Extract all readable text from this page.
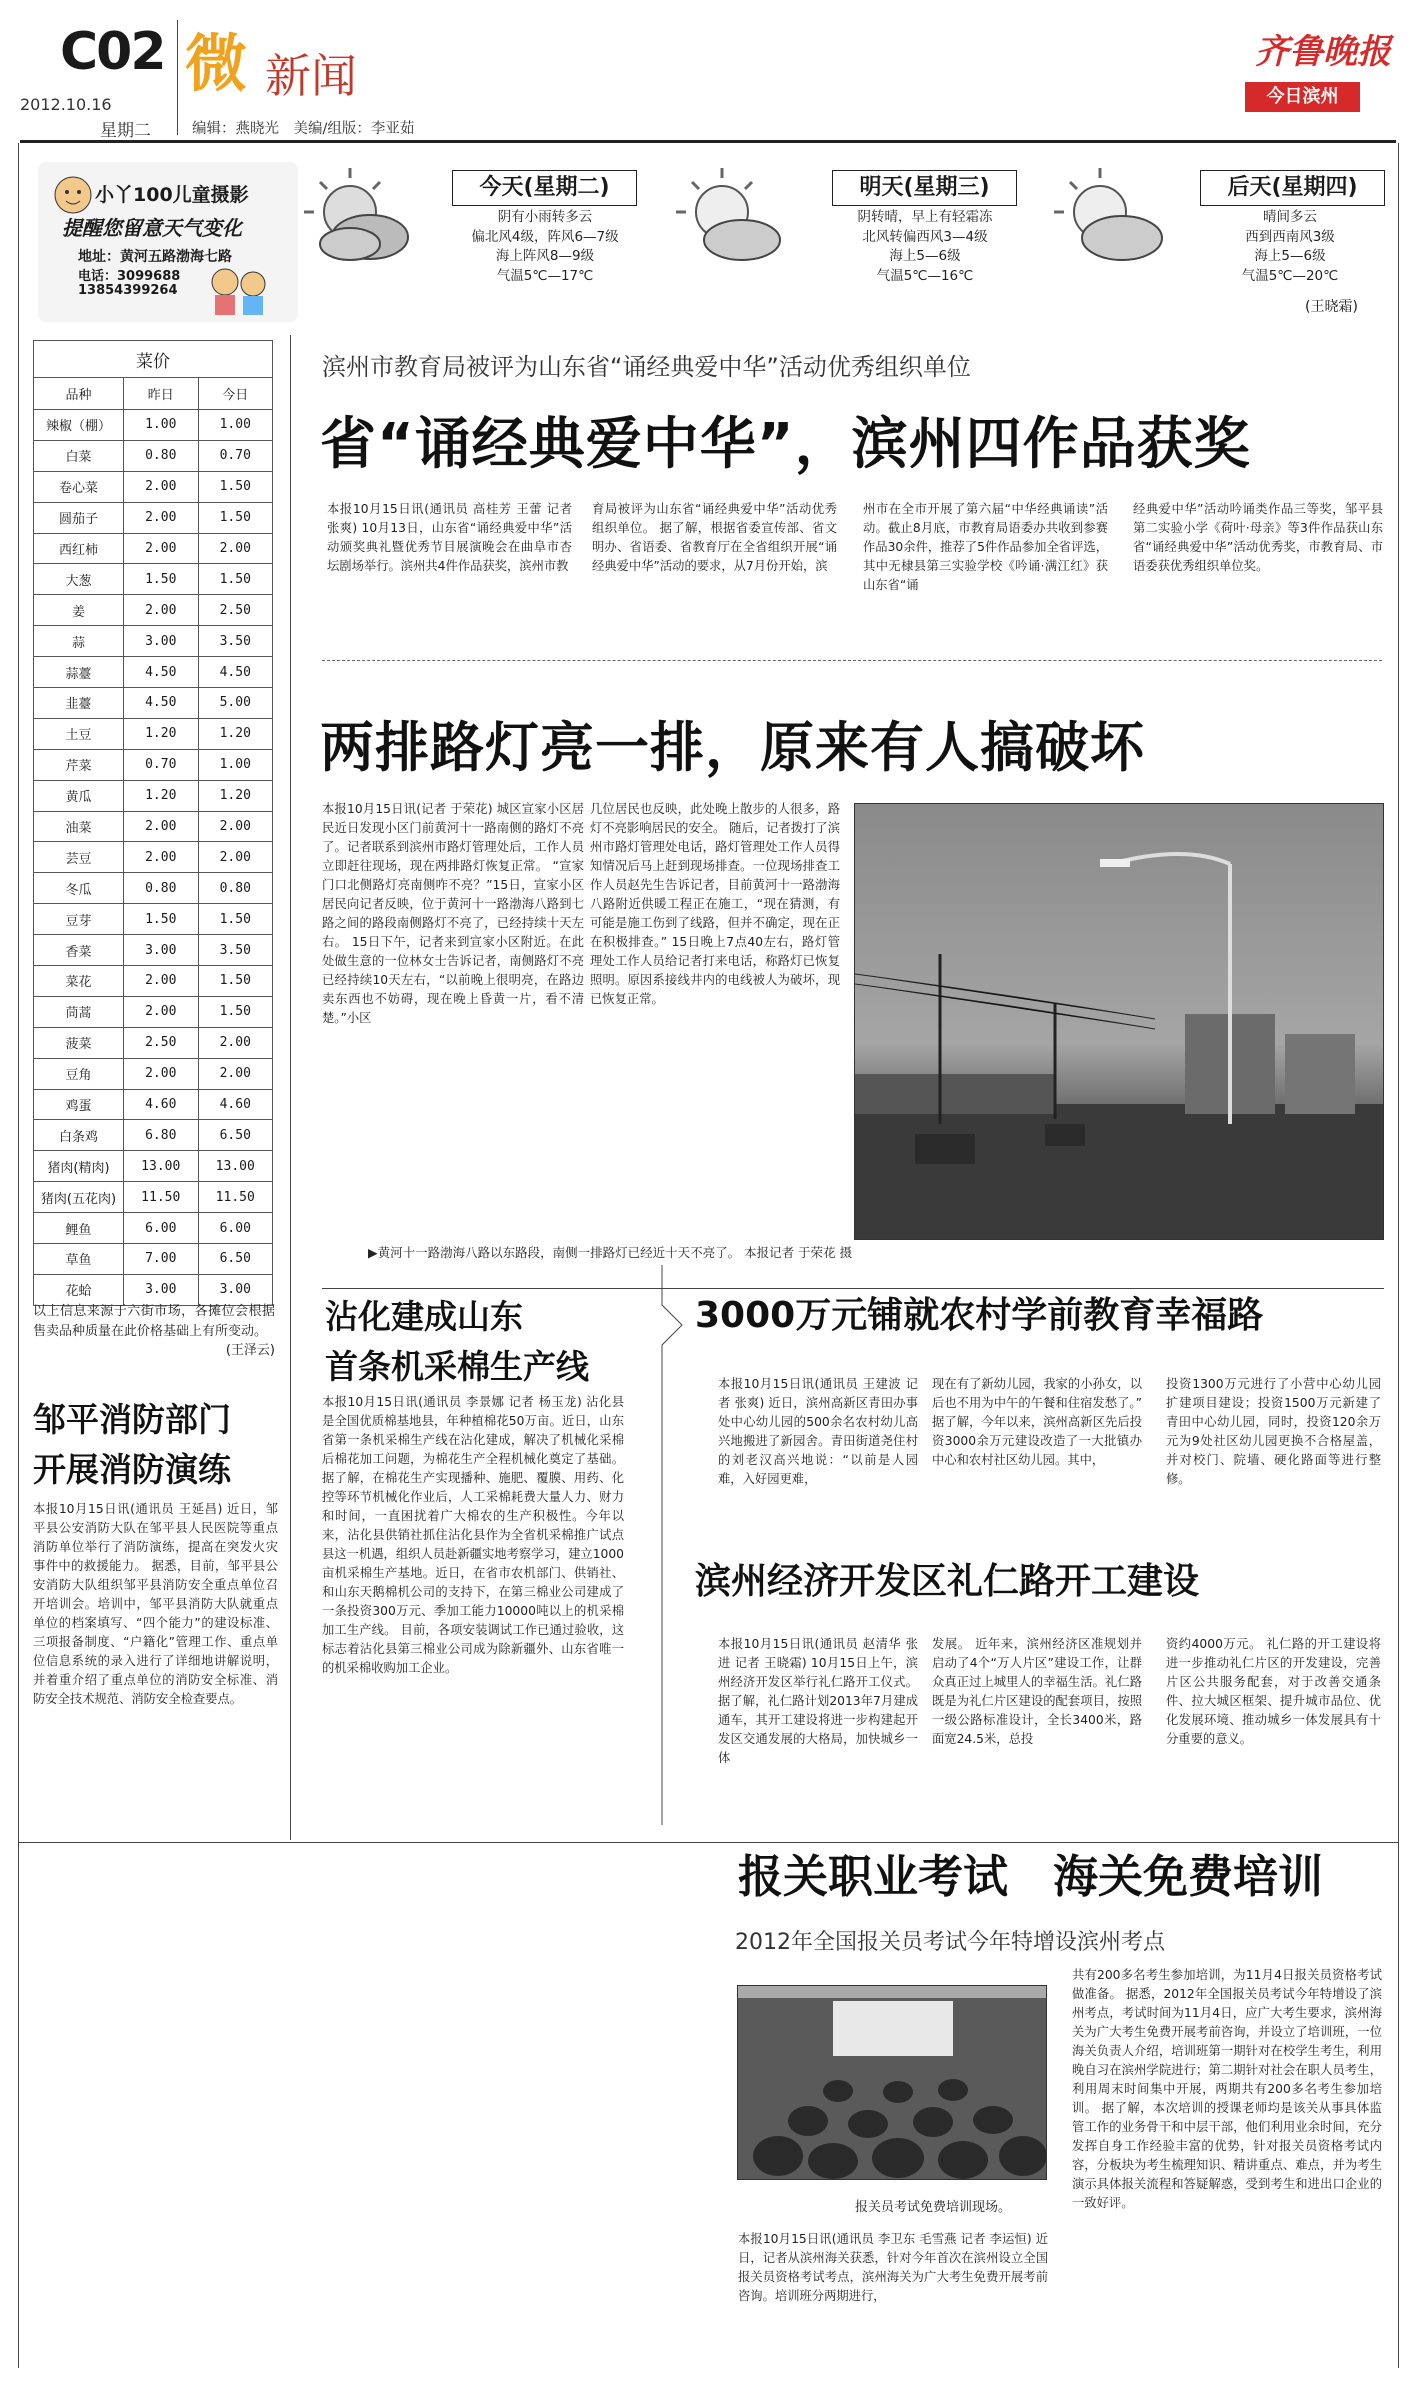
C02
2012.10.16
星期二
微 新闻
编辑：燕晓光　美编/组版：李亚茹
齐鲁晚报
今日滨州
小丫100儿童摄影
提醒您留意天气变化
地址：黄河五路渤海七路
电话：3099688
13854399264
今天(星期二)
阴有小雨转多云
偏北风4级，阵风6—7级
海上阵风8—9级
气温5℃—17℃
明天(星期三)
阴转晴，早上有轻霜冻
北风转偏西风3—4级
海上5—6级
气温5℃—16℃
后天(星期四)
晴间多云
西到西南风3级
海上5—6级
气温5℃—20℃
(王晓霜)
菜价		
品种	昨日	今日
辣椒（棚）	1.00	1.00
白菜	0.80	0.70
卷心菜	2.00	1.50
圆茄子	2.00	1.50
西红柿	2.00	2.00
大葱	1.50	1.50
姜	2.00	2.50
蒜	3.00	3.50
蒜薹	4.50	4.50
韭薹	4.50	5.00
土豆	1.20	1.20
芹菜	0.70	1.00
黄瓜	1.20	1.20
油菜	2.00	2.00
芸豆	2.00	2.00
冬瓜	0.80	0.80
豆芽	1.50	1.50
香菜	3.00	3.50
菜花	2.00	1.50
茼蒿	2.00	1.50
菠菜	2.50	2.00
豆角	2.00	2.00
鸡蛋	4.60	4.60
白条鸡	6.80	6.50
猪肉(精肉)	13.00	13.00
猪肉(五花肉)	11.50	11.50
鲤鱼	6.00	6.00
草鱼	7.00	6.50
花蛤	3.00	3.00
以上信息来源于六街市场，各摊位会根据售卖品种质量在此价格基础上有所变动。
(王泽云)
滨州市教育局被评为山东省“诵经典爱中华”活动优秀组织单位
省“诵经典爱中华”，滨州四作品获奖
本报10月15日讯(通讯员 高桂芳 王蕾 记者 张爽) 10月13日，山东省“诵经典爱中华”活动颁奖典礼暨优秀节目展演晚会在曲阜市杏坛剧场举行。滨州共4件作品获奖，滨州市教
育局被评为山东省“诵经典爱中华”活动优秀组织单位。 据了解，根据省委宣传部、省文明办、省语委、省教育厅在全省组织开展“诵经典爱中华”活动的要求，从7月份开始，滨
州市在全市开展了第六届“中华经典诵读”活动。截止8月底，市教育局语委办共收到参赛作品30余件，推荐了5件作品参加全省评选，其中无棣县第三实验学校《吟诵·满江红》获山东省“诵
经典爱中华”活动吟诵类作品三等奖，邹平县第二实验小学《荷叶·母亲》等3件作品获山东省“诵经典爱中华”活动优秀奖，市教育局、市语委获优秀组织单位奖。
两排路灯亮一排，原来有人搞破坏
本报10月15日讯(记者 于荣花) 城区宣家小区居民近日发现小区门前黄河十一路南侧的路灯不亮了。记者联系到滨州市路灯管理处后，工作人员立即赶往现场，现在两排路灯恢复正常。 “宣家门口北侧路灯亮南侧咋不亮？”15日，宣家小区居民向记者反映，位于黄河十一路渤海八路到七路之间的路段南侧路灯不亮了，已经持续十天左右。 15日下午，记者来到宣家小区附近。在此处做生意的一位林女士告诉记者，南侧路灯不亮已经持续10天左右，“以前晚上很明亮，在路边卖东西也不妨碍，现在晚上昏黄一片，看不清楚。”小区
几位居民也反映，此处晚上散步的人很多，路灯不亮影响居民的安全。 随后，记者拨打了滨州市路灯管理处电话，路灯管理处工作人员得知情况后马上赶到现场排查。一位现场排查工作人员赵先生告诉记者，目前黄河十一路渤海八路附近供暖工程正在施工，“现在猜测，有可能是施工伤到了线路，但并不确定，现在正在积极排查。” 15日晚上7点40左右，路灯管理处工作人员给记者打来电话，称路灯已恢复照明。原因系接线井内的电线被人为破坏，现已恢复正常。
▶黄河十一路渤海八路以东路段，南侧一排路灯已经近十天不亮了。 本报记者 于荣花 摄
沾化建成山东
首条机采棉生产线
本报10月15日讯(通讯员 李景娜 记者 杨玉龙) 沾化县是全国优质棉基地县，年种植棉花50万亩。近日，山东省第一条机采棉生产线在沾化建成，解决了机械化采棉后棉花加工问题，为棉花生产全程机械化奠定了基础。 据了解，在棉花生产实现播种、施肥、覆膜、用药、化控等环节机械化作业后，人工采棉耗费大量人力、财力和时间，一直困扰着广大棉农的生产积极性。今年以来，沾化县供销社抓住沾化县作为全省机采棉推广试点县这一机遇，组织人员赴新疆实地考察学习，建立1000亩机采棉生产基地。近日，在省市农机部门、供销社、和山东天鹅棉机公司的支持下，在第三棉业公司建成了一条投资300万元、季加工能力10000吨以上的机采棉加工生产线。 目前，各项安装调试工作已通过验收，这标志着沾化县第三棉业公司成为除新疆外、山东省唯一的机采棉收购加工企业。
邹平消防部门
开展消防演练
本报10月15日讯(通讯员 王延昌) 近日，邹平县公安消防大队在邹平县人民医院等重点消防单位举行了消防演练，提高在突发火灾事件中的救援能力。 据悉，目前，邹平县公安消防大队组织邹平县消防安全重点单位召开培训会。培训中，邹平县消防大队就重点单位的档案填写、“四个能力”的建设标准、三项报备制度、“户籍化”管理工作、重点单位信息系统的录入进行了详细地讲解说明，并着重介绍了重点单位的消防安全标准、消防安全技术规范、消防安全检查要点。
3000万元铺就农村学前教育幸福路
本报10月15日讯(通讯员 王建波 记者 张爽) 近日，滨州高新区青田办事处中心幼儿园的500余名农村幼儿高兴地搬进了新园舍。青田街道尧住村的刘老汉高兴地说：“以前是人园难，入好园更难，
现在有了新幼儿园，我家的小孙女，以后也不用为中午的午餐和住宿发愁了。” 据了解，今年以来，滨州高新区先后投资3000余万元建设改造了一大批镇办中心和农村社区幼儿园。其中，
投资1300万元进行了小营中心幼儿园扩建项目建设；投资1500万元新建了青田中心幼儿园，同时，投资120余万元为9处社区幼儿园更换不合格屋盖，并对校门、院墙、硬化路面等进行整修。
滨州经济开发区礼仁路开工建设
本报10月15日讯(通讯员 赵清华 张进 记者 王晓霜) 10月15日上午，滨州经济开发区举行礼仁路开工仪式。据了解，礼仁路计划2013年7月建成通车，其开工建设将进一步构建起开发区交通发展的大格局，加快城乡一体
发展。 近年来，滨州经济区准规划并启动了4个“万人片区”建设工作，让群众真正过上城里人的幸福生活。礼仁路既是为礼仁片区建设的配套项目，按照一级公路标准设计，全长3400米，路面宽24.5米，总投
资约4000万元。 礼仁路的开工建设将进一步推动礼仁片区的开发建设，完善片区公共服务配套，对于改善交通条件、拉大城区框架、提升城市品位、优化发展环境、推动城乡一体发展具有十分重要的意义。
报关职业考试　海关免费培训
2012年全国报关员考试今年特增设滨州考点
报关员考试免费培训现场。
本报10月15日讯(通讯员 李卫东 毛雪燕 记者 李运恒) 近日，记者从滨州海关获悉，针对今年首次在滨州设立全国报关员资格考试考点，滨州海关为广大考生免费开展考前咨询。培训班分两期进行，
共有200多名考生参加培训，为11月4日报关员资格考试做准备。 据悉，2012年全国报关员考试今年特增设了滨州考点，考试时间为11月4日，应广大考生要求，滨州海关为广大考生免费开展考前咨询，并设立了培训班，一位海关负责人介绍，培训班第一期针对在校学生考生，利用晚自习在滨州学院进行；第二期针对社会在职人员考生，利用周末时间集中开展，两期共有200多名考生参加培训。 据了解，本次培训的授课老师均是该关从事具体监管工作的业务骨干和中层干部，他们利用业余时间，充分发挥自身工作经验丰富的优势，针对报关员资格考试内容，分板块为考生梳理知识、精讲重点、难点，并为考生演示具体报关流程和答疑解惑，受到考生和进出口企业的一致好评。
